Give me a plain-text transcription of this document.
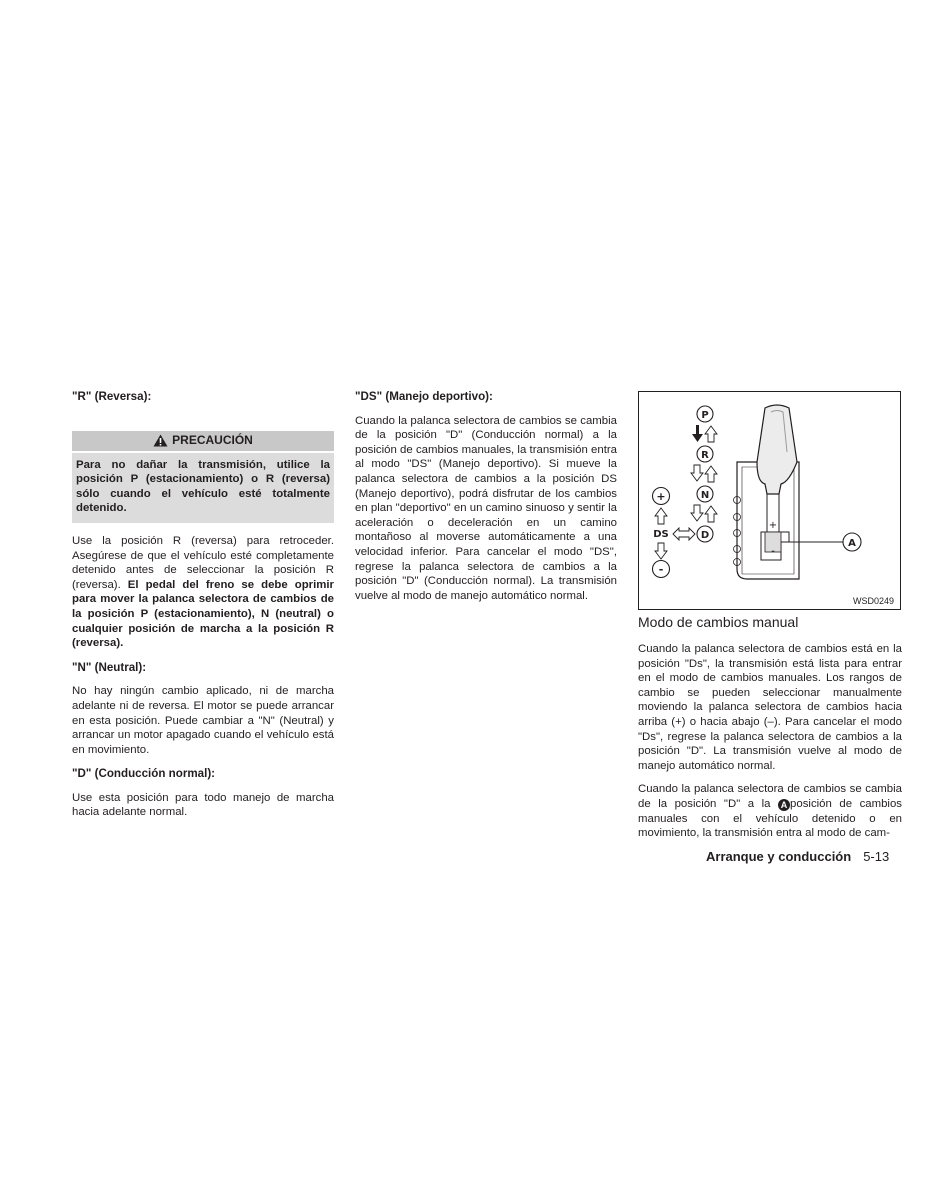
"R" (Reversa):
PRECAUCIÓN
Para no dañar la transmisión, utilice la posición P (estacionamiento) o R (reversa) sólo cuando el vehículo esté totalmente detenido.

Use la posición R (reversa) para retroceder. Asegúrese de que el vehículo esté completamente detenido antes de seleccionar la posición R (reversa). El pedal del freno se debe oprimir para mover la palanca selectora de cambios de la posición P (estacionamiento), N (neutral) o cualquier posición de marcha a la posición R (reversa).

"N" (Neutral):

No hay ningún cambio aplicado, ni de marcha adelante ni de reversa. El motor se puede arrancar en esta posición. Puede cambiar a "N" (Neutral) y arrancar un motor apagado cuando el vehículo está en movimiento.

"D" (Conducción normal):

Use esta posición para todo manejo de marcha hacia adelante normal.

"DS" (Manejo deportivo):

Cuando la palanca selectora de cambios se cambia de la posición "D" (Conducción normal) a la posición de cambios manuales, la transmisión entra al modo "DS" (Manejo deportivo). Si mueve la palanca selectora de cambios a la posición DS (Manejo deportivo), podrá disfrutar de los cambios en plan "deportivo" en un camino sinuoso y sentir la aceleración o deceleración en un camino montañoso al moverse automáticamente a una velocidad inferior. Para cancelar el modo "DS", regrese la palanca selectora de cambios a la posición "D" (Conducción normal). La transmisión vuelve al modo de manejo automático normal.

+
-
P
R
N
D
+
DS
-
A
WSD0249
Modo de cambios manual

Cuando la palanca selectora de cambios está en la posición "Ds", la transmisión está lista para entrar en el modo de cambios manuales. Los rangos de cambio se pueden seleccionar manualmente moviendo la palanca selectora de cambios hacia arriba (+) o hacia abajo (–). Para cancelar el modo "Ds", regrese la palanca selectora de cambios a la posición "D". La transmisión vuelve al modo de manejo automático normal.

Cuando la palanca selectora de cambios se cambia de la posición "D" a la A posición de cambios manuales con el vehículo detenido o en movimiento, la transmisión entra al modo de cam-

Arranque y conducción 5-13
